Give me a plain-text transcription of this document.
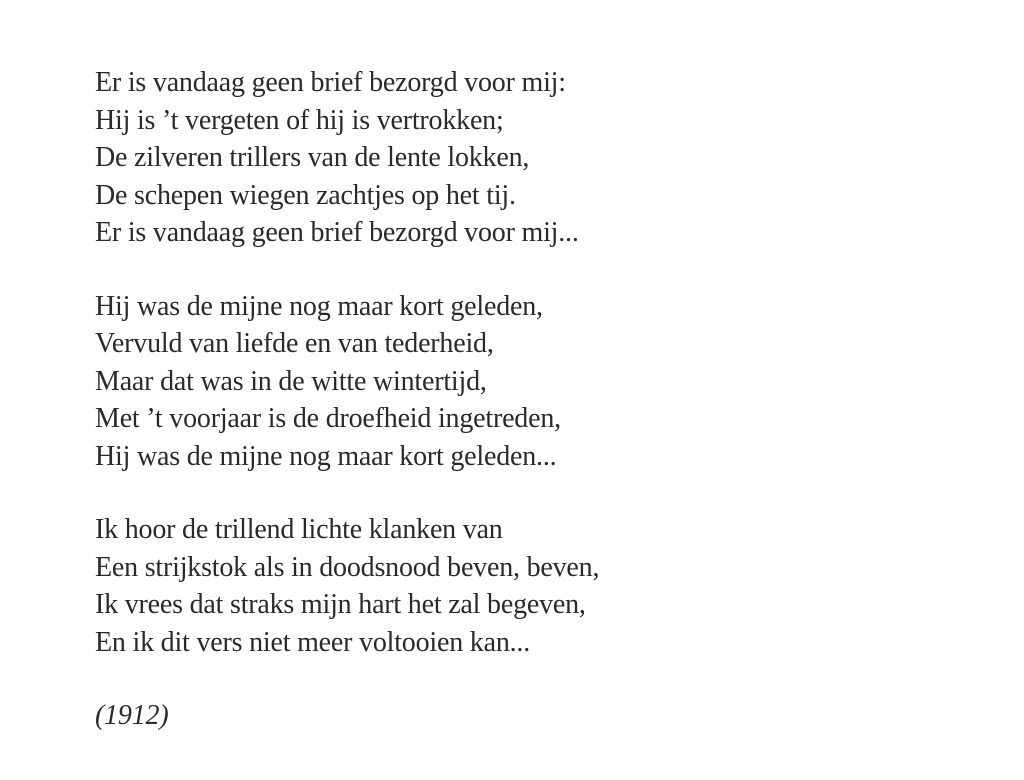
Er is vandaag geen brief bezorgd voor mij:
Hij is ’t vergeten of hij is vertrokken;
De zilveren trillers van de lente lokken,
De schepen wiegen zachtjes op het tij.
Er is vandaag geen brief bezorgd voor mij...
Hij was de mijne nog maar kort geleden,
Vervuld van liefde en van tederheid,
Maar dat was in de witte wintertijd,
Met ’t voorjaar is de droefheid ingetreden,
Hij was de mijne nog maar kort geleden...
Ik hoor de trillend lichte klanken van
Een strijkstok als in doodsnood beven, beven,
Ik vrees dat straks mijn hart het zal begeven,
En ik dit vers niet meer voltooien kan...
(1912)
